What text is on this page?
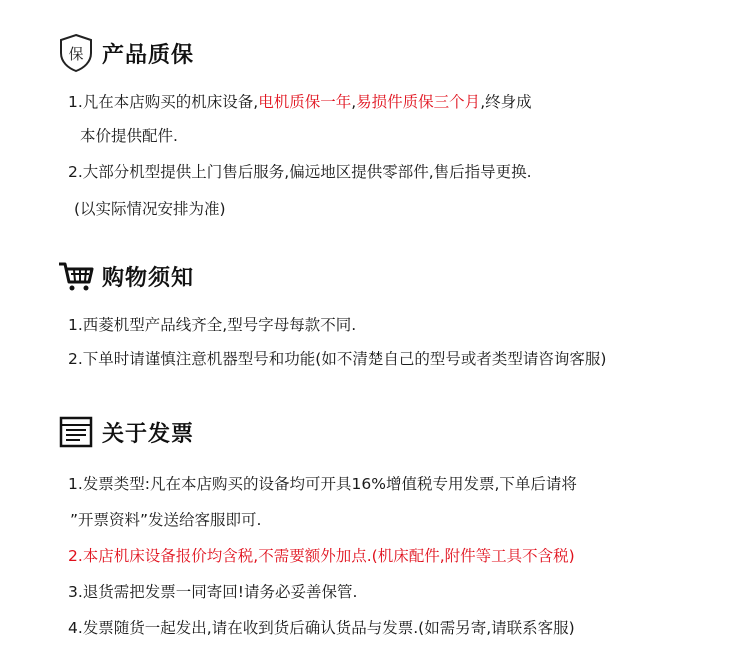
保 产品质保
1.凡在本店购买的机床设备,电机质保一年,易损件质保三个月,终身成
本价提供配件.
2.大部分机型提供上门售后服务,偏远地区提供零部件,售后指导更换.
(以实际情况安排为准)
购物须知
1.西菱机型产品线齐全,型号字母每款不同.
2.下单时请谨慎注意机器型号和功能(如不清楚自己的型号或者类型请咨询客服)
关于发票
1.发票类型:凡在本店购买的设备均可开具16%增值税专用发票,下单后请将
”开票资料”发送给客服即可.
2.本店机床设备报价均含税,不需要额外加点.(机床配件,附件等工具不含税)
3.退货需把发票一同寄回!请务必妥善保管.
4.发票随货一起发出,请在收到货后确认货品与发票.(如需另寄,请联系客服)
